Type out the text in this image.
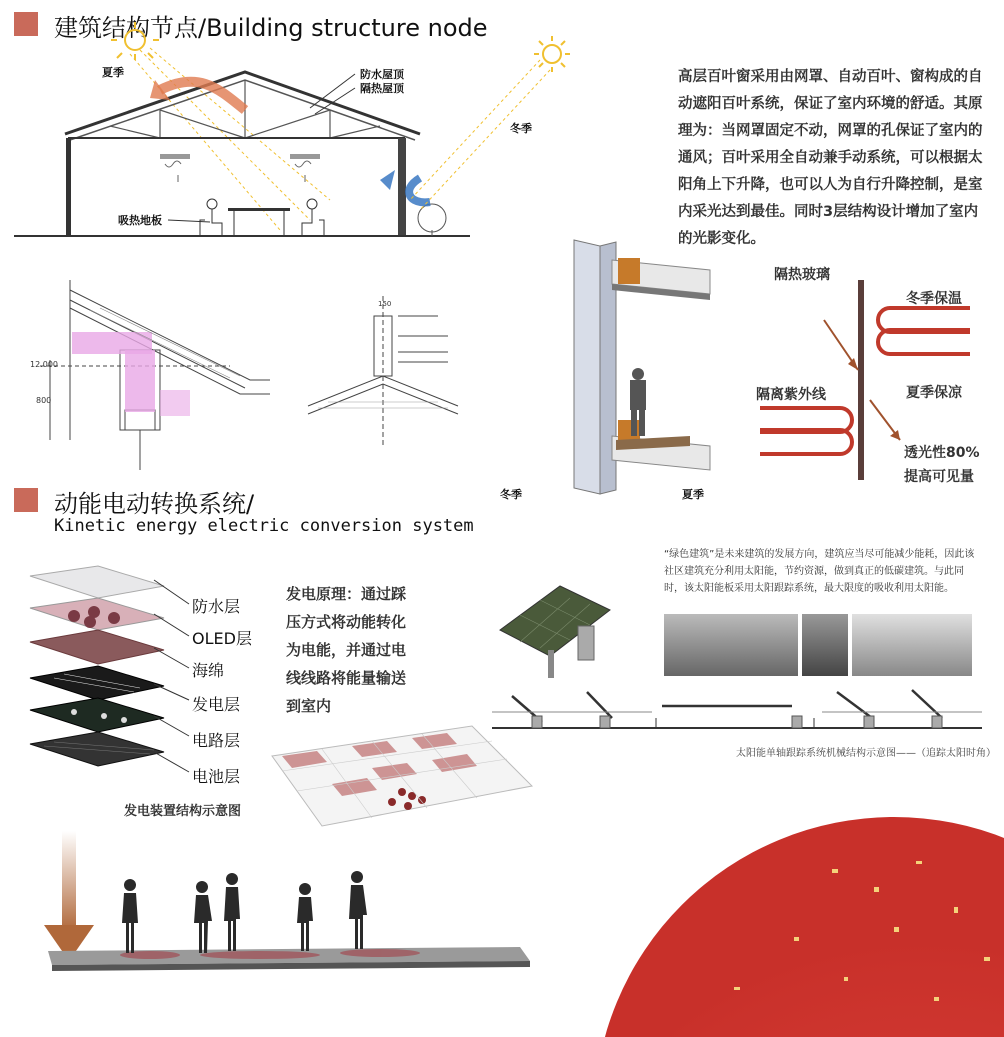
建筑结构节点/Building structure node
夏季
冬季
防水屋顶
隔热屋顶
吸热地板
高层百叶窗采用由网罩、自动百叶、窗构成的自动遮阳百叶系统，保证了室内环境的舒适。其原理为：当网罩固定不动，网罩的孔保证了室内的通风；百叶采用全自动兼手动系统，可以根据太阳角上下升降，也可以人为自行升降控制，是室内采光达到最佳。同时3层结构设计增加了室内的光影变化。
12.000
800
150
冬季	夏季
隔热玻璃
冬季保温
夏季保凉
隔离紫外线
透光性80%
提高可见量
动能电动转换系统/
Kinetic energy electric conversion system
防水层
OLED层
海绵
发电层
电路层
电池层
发电装置结构示意图
发电原理：通过踩压方式将动能转化为电能，并通过电线线路将能量输送到室内
“绿色建筑”是未来建筑的发展方向，建筑应当尽可能减少能耗，因此该社区建筑充分利用太阳能，节约资源，做到真正的低碳建筑。与此同时，该太阳能板采用太阳跟踪系统，最大限度的吸收利用太阳能。
太阳能单轴跟踪系统机械结构示意图——（追踪太阳时角）
